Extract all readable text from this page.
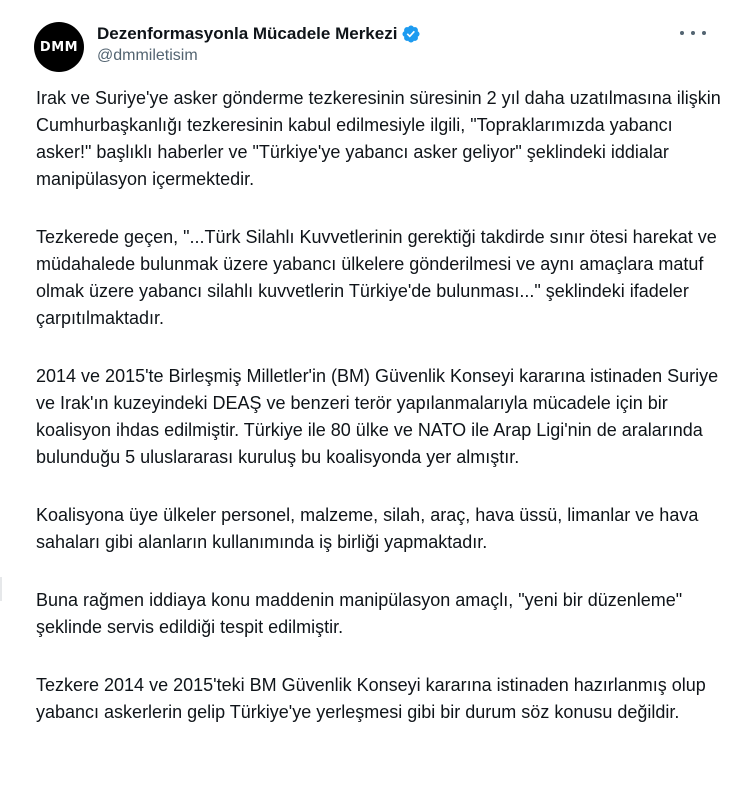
DMM
Dezenformasyonla Mücadele Merkezi
@dmmiletisim

Irak ve Suriye'ye asker gönderme tezkeresinin süresinin 2 yıl daha uzatılmasına ilişkin Cumhurbaşkanlığı tezkeresinin kabul edilmesiyle ilgili, "Topraklarımızda yabancı asker!" başlıklı haberler ve "Türkiye'ye yabancı asker geliyor" şeklindeki iddialar manipülasyon içermektedir.

Tezkerede geçen, "...Türk Silahlı Kuvvetlerinin gerektiği takdirde sınır ötesi harekat ve müdahalede bulunmak üzere yabancı ülkelere gönderilmesi ve aynı amaçlara matuf olmak üzere yabancı silahlı kuvvetlerin Türkiye'de bulunması..." şeklindeki ifadeler çarpıtılmaktadır.

2014 ve 2015'te Birleşmiş Milletler'in (BM) Güvenlik Konseyi kararına istinaden Suriye ve Irak'ın kuzeyindeki DEAŞ ve benzeri terör yapılanmalarıyla mücadele için bir koalisyon ihdas edilmiştir. Türkiye ile 80 ülke ve NATO ile Arap Ligi'nin de aralarında bulunduğu 5 uluslararası kuruluş bu koalisyonda yer almıştır.

Koalisyona üye ülkeler personel, malzeme, silah, araç, hava üssü, limanlar ve hava sahaları gibi alanların kullanımında iş birliği yapmaktadır.

Buna rağmen iddiaya konu maddenin manipülasyon amaçlı, "yeni bir düzenleme" şeklinde servis edildiği tespit edilmiştir.

Tezkere 2014 ve 2015'teki BM Güvenlik Konseyi kararına istinaden hazırlanmış olup yabancı askerlerin gelip Türkiye'ye yerleşmesi gibi bir durum söz konusu değildir.
